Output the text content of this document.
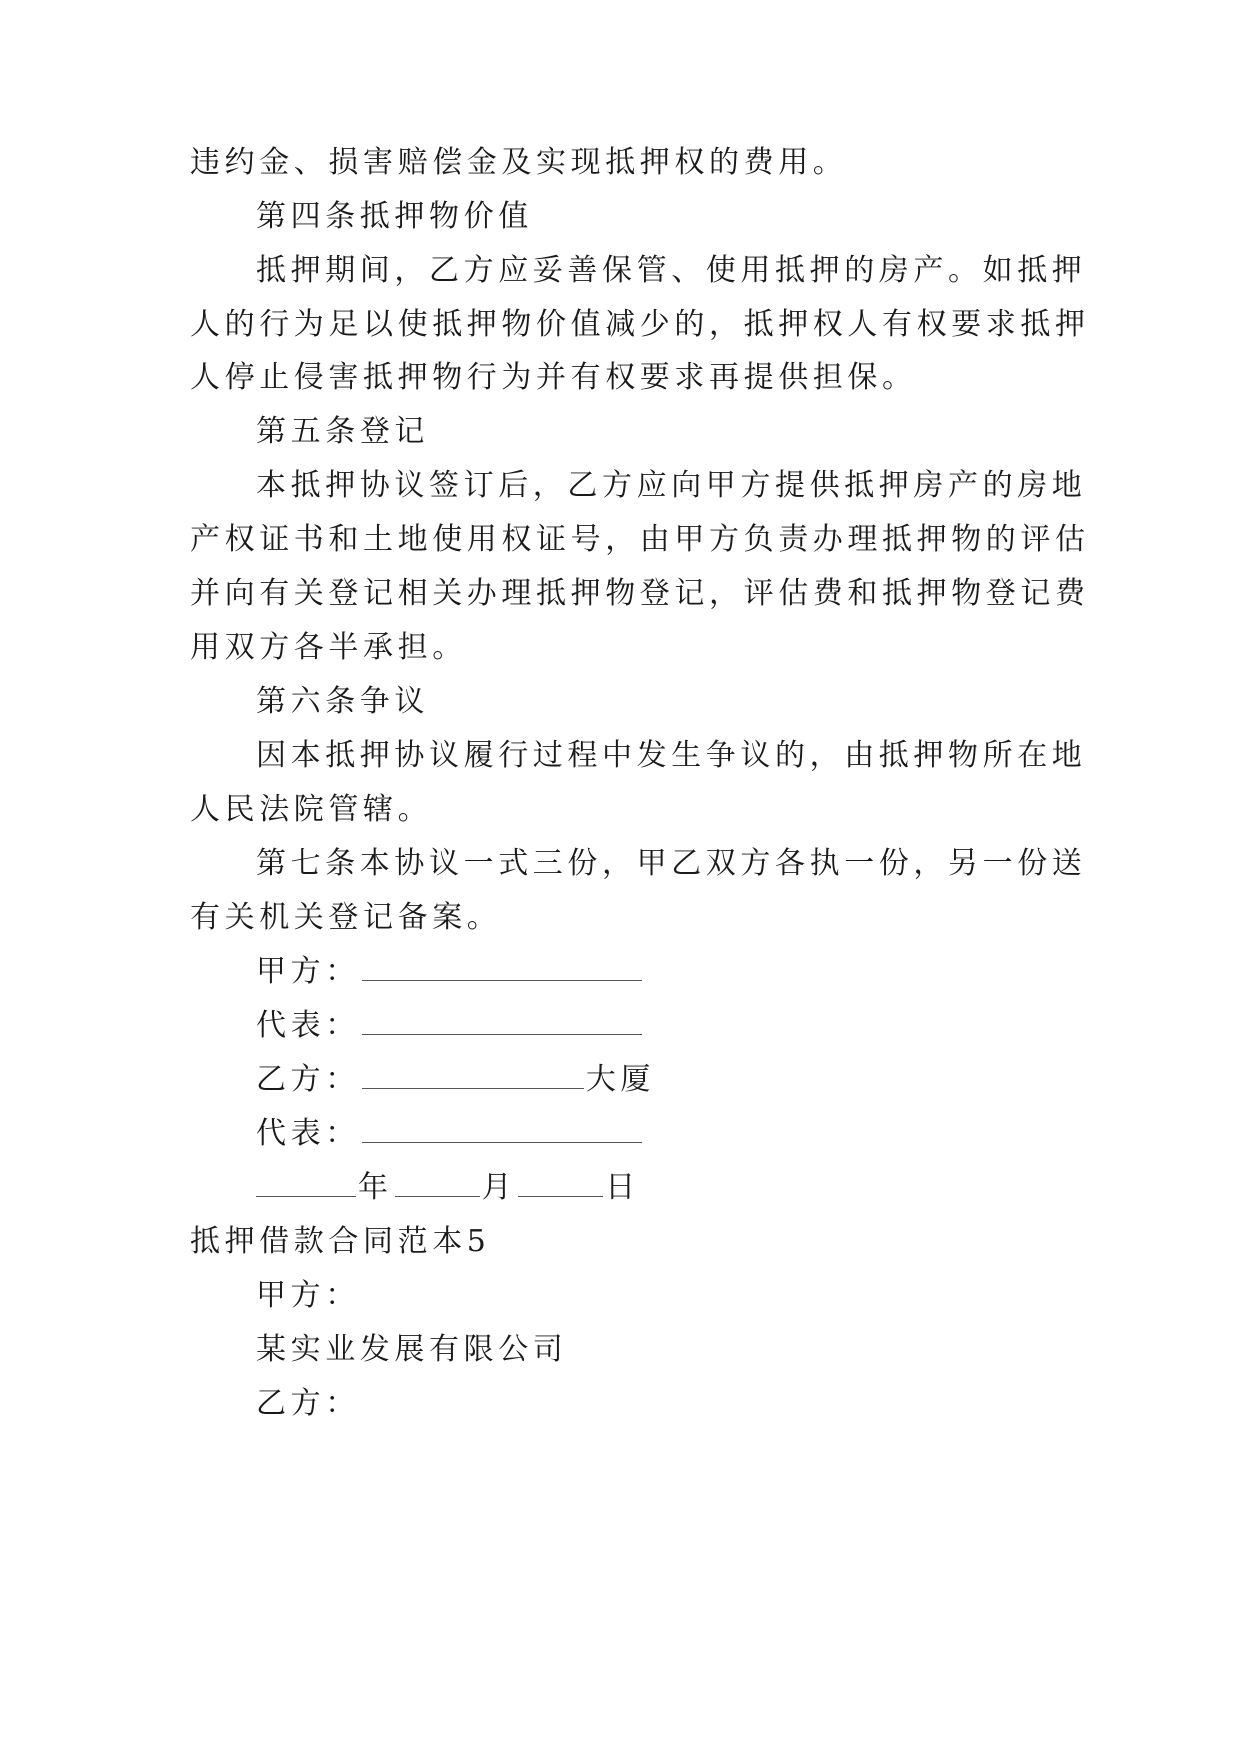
违约金、损害赔偿金及实现抵押权的费用。

第四条抵押物价值

抵押期间，乙方应妥善保管、使用抵押的房产。如抵押

人的行为足以使抵押物价值减少的，抵押权人有权要求抵押

人停止侵害抵押物行为并有权要求再提供担保。

第五条登记

本抵押协议签订后，乙方应向甲方提供抵押房产的房地

产权证书和土地使用权证号，由甲方负责办理抵押物的评估

并向有关登记相关办理抵押物登记，评估费和抵押物登记费

用双方各半承担。

第六条争议

因本抵押协议履行过程中发生争议的，由抵押物所在地

人民法院管辖。

第七条本协议一式三份，甲乙双方各执一份，另一份送

有关机关登记备案。

甲方：
代表：
乙方：	大厦
代表：
年	月	日

抵押借款合同范本5

甲方：

某实业发展有限公司

乙方：
